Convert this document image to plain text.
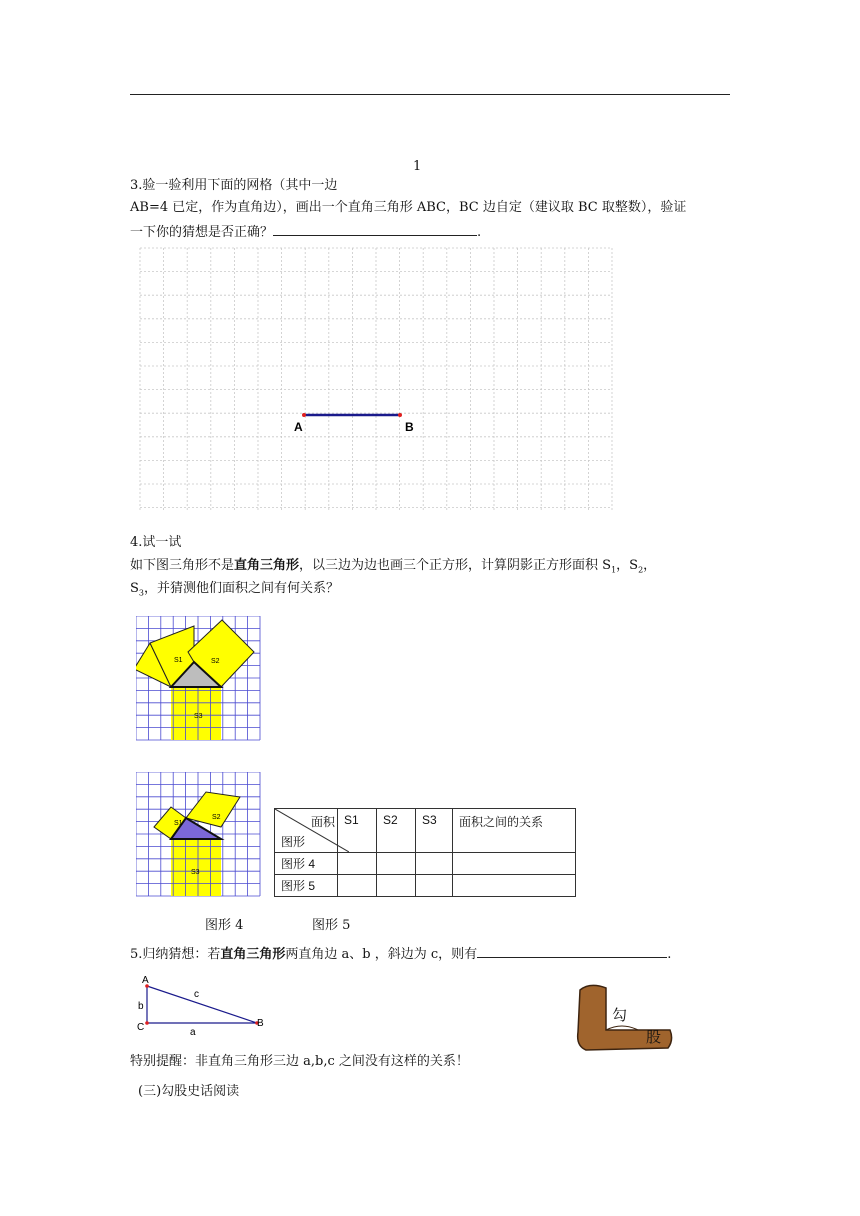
1
3.验一验利用下面的网格（其中一边
AB=4 已定，作为直角边），画出一个直角三角形 ABC，BC 边自定（建议取 BC 取整数），验证
一下你的猜想是否正确？	.
A	B
4.试一试
如下图三角形不是直角三角形，以三边为边也画三个正方形，计算阴影正方形面积 $S_1$，$S_2$，
$S_3$，并猜测他们面积之间有何关系？
S1	S2
S3
S1
S2
S3
面积
图形	S1	S2	S3	面积之间的关系
图形 4				
图形 5				
图形 4	图形 5
5.归纳猜想：若直角三角形两直角边 a、b ，斜边为 c，则有	.
A
C	B
b
c
a
勾
股
特别提醒：非直角三角形三边 a,b,c 之间没有这样的关系！
(三)勾股史话阅读
